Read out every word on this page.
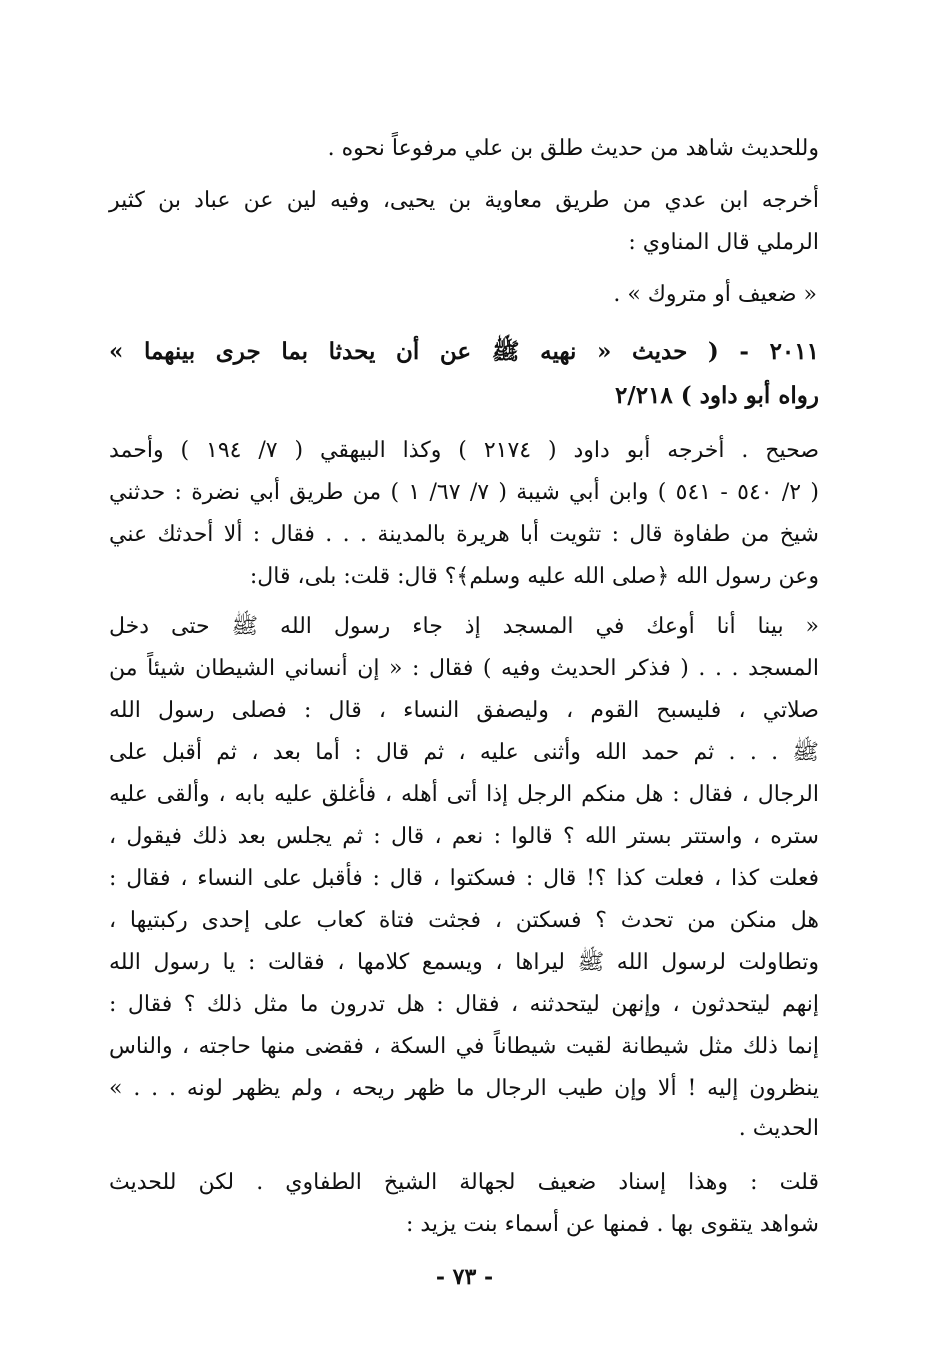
وللحديث شاهد من حديث طلق بن علي مرفوعاً نحوه .
أخرجه ابن عدي من طريق معاوية بن يحيى، وفيه لين عن عباد بن كثير
الرملي قال المناوي :
« ضعيف أو متروك » .
٢٠١١ - ( حديث « نهيه ﷺ عن أن يحدثا بما جرى بينهما »
رواه أبو داود ) ٢/٢١٨
صحيح . أخرجه أبو داود ( ٢١٧٤ ) وكذا البيهقي ( ٧/ ١٩٤ ) وأحمد
( ٢/ ٥٤٠ - ٥٤١ ) وابن أبي شيبة ( ٧/ ٦٧/ ١ ) من طريق أبي نضرة : حدثني
شيخ من طفاوة قال : تثويت أبا هريرة بالمدينة . . . فقال : ألا أحدثك عني
وعن رسول الله ﴿صلى الله عليه وسلم﴾؟ قال: قلت: بلى، قال:
« بينا أنا أوعك في المسجد إذ جاء رسول الله ﷺ حتى دخل
المسجد . . . ( فذكر الحديث وفيه ) فقال : « إن أنساني الشيطان شيئاً من
صلاتي ، فليسبح القوم ، وليصفق النساء ، قال : فصلى رسول الله
ﷺ . . . ثم حمد الله وأثنى عليه ، ثم قال : أما بعد ، ثم أقبل على
الرجال ، فقال : هل منكم الرجل إذا أتى أهله ، فأغلق عليه بابه ، وألقى عليه
ستره ، واستتر بستر الله ؟ قالوا : نعم ، قال : ثم يجلس بعد ذلك فيقول ،
فعلت كذا ، فعلت كذا ؟! قال : فسكتوا ، قال : فأقبل على النساء ، فقال :
هل منكن من تحدث ؟ فسكتن ، فجثت فتاة كعاب على إحدى ركبتيها ،
وتطاولت لرسول الله ﷺ ليراها ، ويسمع كلامها ، فقالت : يا رسول الله
إنهم ليتحدثون ، وإنهن ليتحدثنه ، فقال : هل تدرون ما مثل ذلك ؟ فقال :
إنما ذلك مثل شيطانة لقيت شيطاناً في السكة ، فقضى منها حاجته ، والناس
ينظرون إليه ! ألا وإن طيب الرجال ما ظهر ريحه ، ولم يظهر لونه . . . »
الحديث .
قلت : وهذا إسناد ضعيف لجهالة الشيخ الطفاوي . لكن للحديث
شواهد يتقوى بها . فمنها عن أسماء بنت يزيد :
- ٧٣ -
